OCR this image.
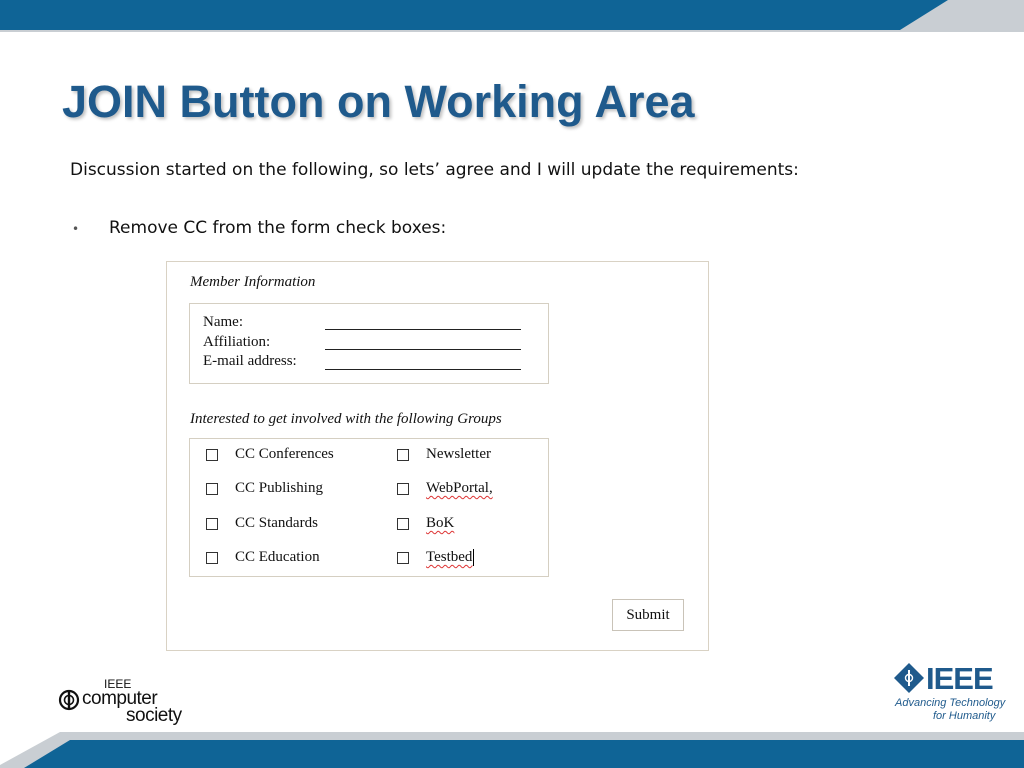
JOIN Button on Working Area
Discussion started on the following, so lets’ agree and I will update the requirements:
• Remove CC from the form check boxes:
Member Information
Name:
Affiliation:
E-mail address:
Interested to get involved with the following Groups
CC Conferences
CC Publishing
CC Standards
CC Education
Newsletter
WebPortal,
BoK
Testbed
Submit
IEEE
computer
society
IEEE
Advancing Technology
for Humanity
